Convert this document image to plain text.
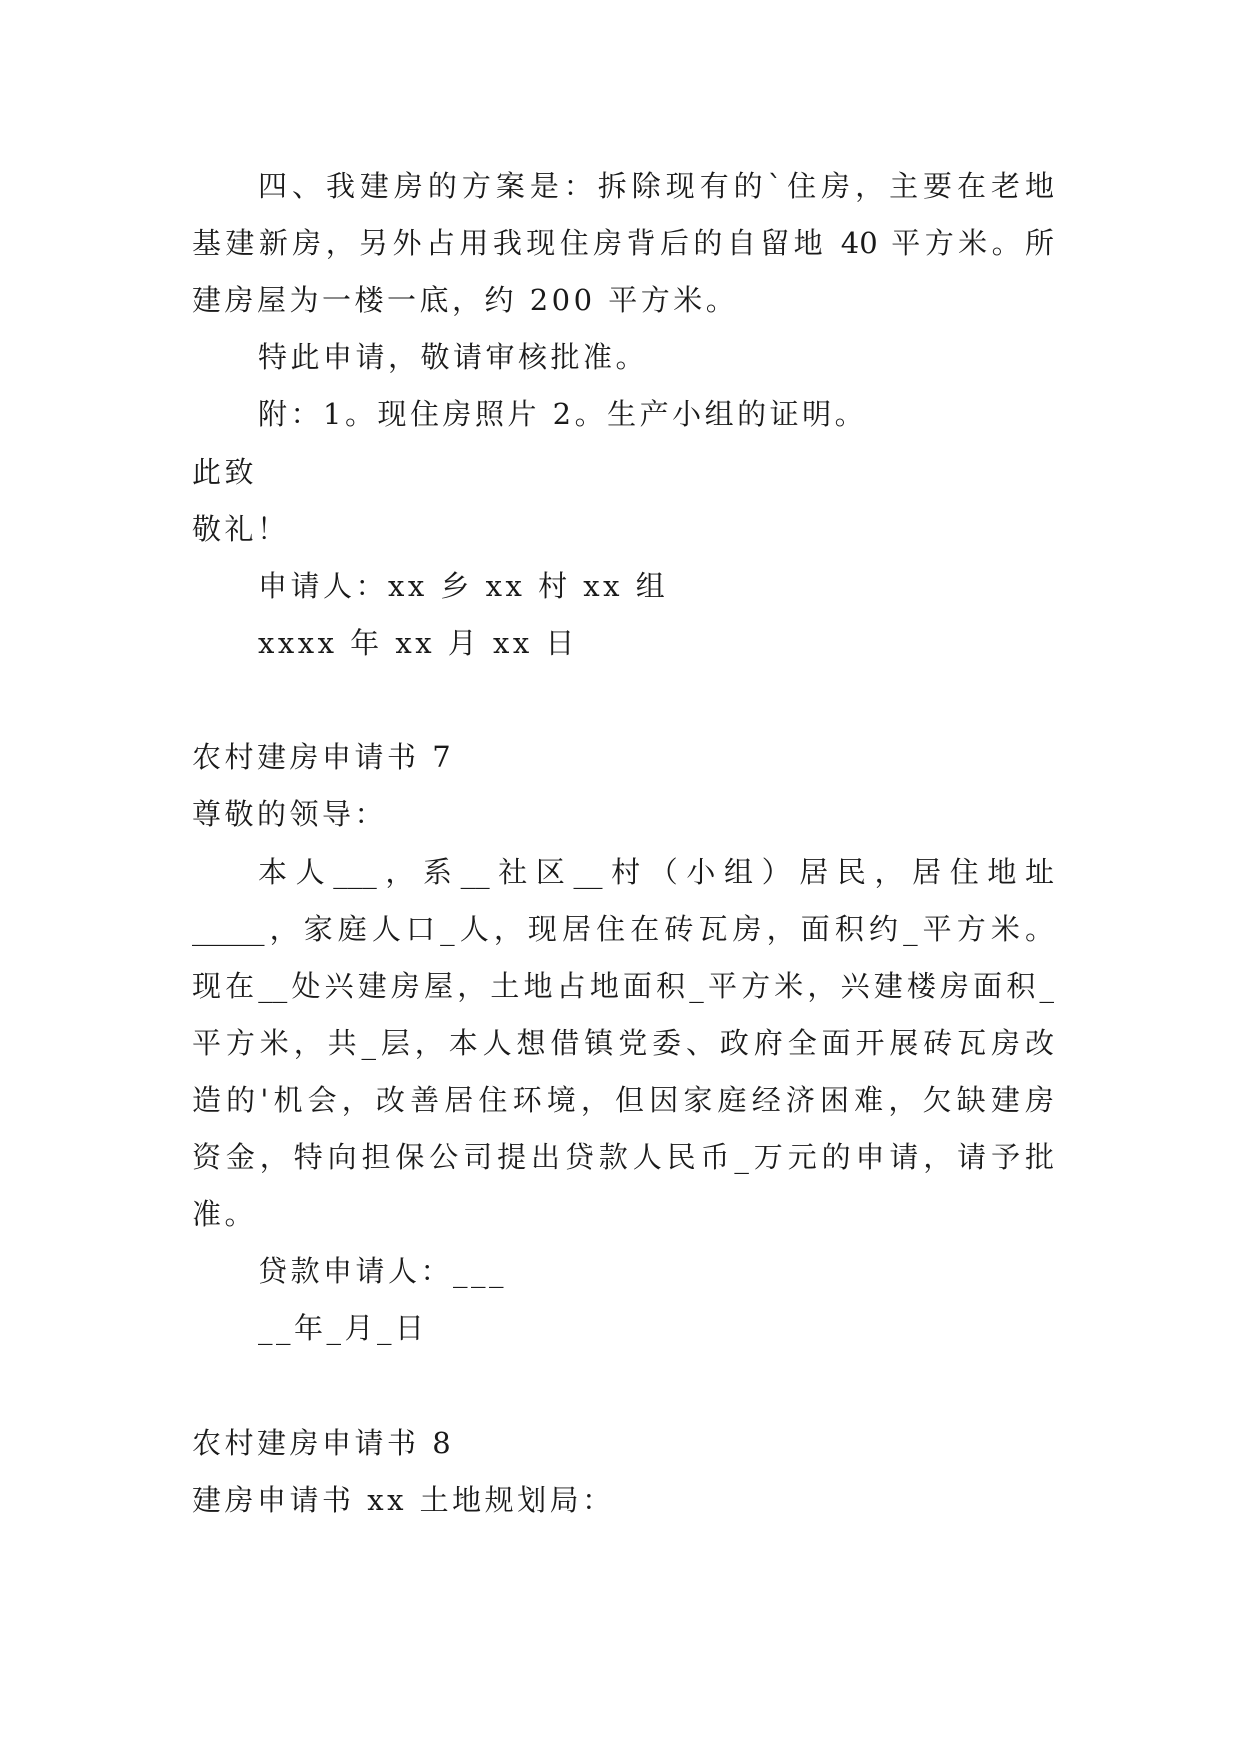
四、我建房的方案是：拆除现有的`住房，主要在老地
基建新房，另外占用我现住房背后的自留地 40 平方米。所
建房屋为一楼一底，约 200 平方米。
特此申请，敬请审核批准。
附：1。现住房照片 2。生产小组的证明。
此致
敬礼！
申请人：xx 乡 xx 村 xx 组
xxxx 年 xx 月 xx 日
农村建房申请书 7
尊敬的领导：
本人___，系__社区__村（小组）居民，居住地址
_____，家庭人口_人，现居住在砖瓦房，面积约_平方米。
现在__处兴建房屋，土地占地面积_平方米，兴建楼房面积_
平方米，共_层，本人想借镇党委、政府全面开展砖瓦房改
造的'机会，改善居住环境，但因家庭经济困难，欠缺建房
资金，特向担保公司提出贷款人民币_万元的申请，请予批
准。
贷款申请人：___
__年_月_日
农村建房申请书 8
建房申请书 xx 土地规划局：
